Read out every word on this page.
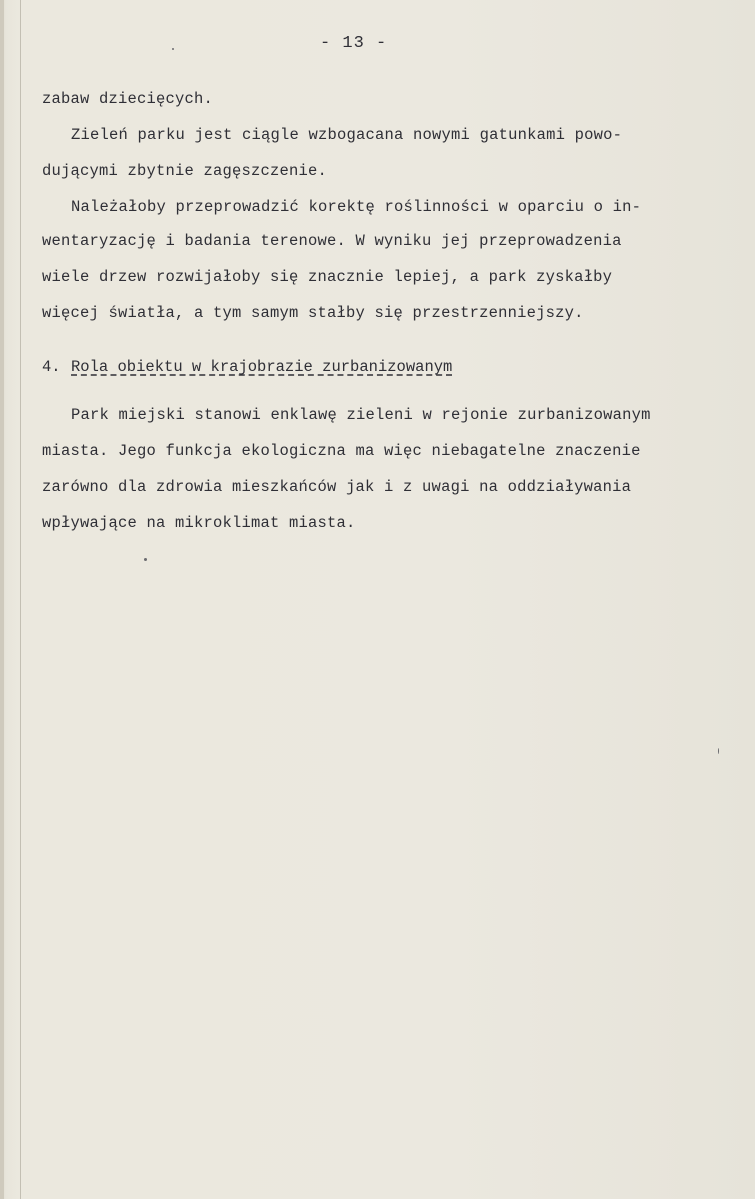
- 13 -
zabaw dziecięcych.
Zieleń parku jest ciągle wzbogacana nowymi gatunkami powo-
dującymi zbytnie zagęszczenie.
Należałoby przeprowadzić korektę roślinności w oparciu o in-
wentaryzację i badania terenowe. W wyniku jej przeprowadzenia
wiele drzew rozwijałoby się znacznie lepiej, a park zyskałby
więcej światła, a tym samym stałby się przestrzenniejszy.
4. Rola obiektu w krajobrazie zurbanizowanym
Park miejski stanowi enklawę zieleni w rejonie zurbanizowanym
miasta. Jego funkcja ekologiczna ma więc niebagatelne znaczenie
zarówno dla zdrowia mieszkańców jak i z uwagi na oddziaływania
wpływające na mikroklimat miasta.
